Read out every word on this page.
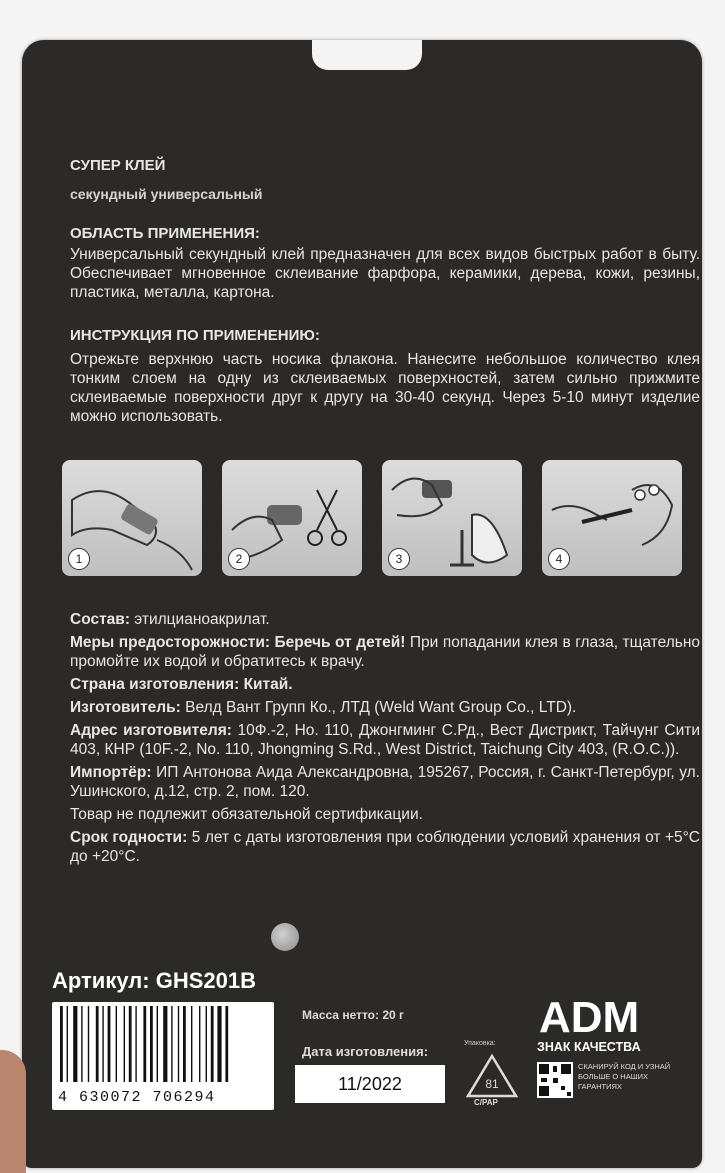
СУПЕР КЛЕЙ
секундный универсальный
ОБЛАСТЬ ПРИМЕНЕНИЯ:
Универсальный секундный клей предназначен для всех видов быстрых работ в быту. Обеспечивает мгновенное склеивание фарфора, керамики, дерева, кожи, резины, пластика, металла, картона.
ИНСТРУКЦИЯ ПО ПРИМЕНЕНИЮ:
Отрежьте верхнюю часть носика флакона. Нанесите небольшое количество клея тонким слоем на одну из склеиваемых поверхностей, затем сильно прижмите склеиваемые поверхности друг к другу на 30-40 секунд. Через 5-10 минут изделие можно использовать.
1	2	3	4
Состав: этилцианоакрилат.
Меры предосторожности: Беречь от детей! При попадании клея в глаза, тщательно промойте их водой и обратитесь к врачу.
Страна изготовления: Китай.
Изготовитель: Велд Вант Групп Ко., ЛТД (Weld Want Group Co., LTD).
Адрес изготовителя: 10Ф.-2, Но. 110, Джонгминг С.Рд., Вест Дистрикт, Тайчунг Сити 403, КНР (10F.-2, No. 110, Jhongming S.Rd., West District, Taichung City 403, (R.O.C.)).
Импортёр: ИП Антонова Аида Александровна, 195267, Россия, г. Санкт-Петербург, ул. Ушинского, д.12, стр. 2, пом. 120.
Товар не подлежит обязательной сертификации.
Срок годности: 5 лет с даты изготовления при соблюдении условий хранения от +5°С до +20°С.
Артикул: GHS201B
4 630072 706294
Масса нетто: 20 г
Дата изготовления:
11/2022
Упаковка:
81
C/PAP
ADM
ЗНАК КАЧЕСТВА
СКАНИРУЙ КОД И УЗНАЙ БОЛЬШЕ О НАШИХ ГАРАНТИЯХ
